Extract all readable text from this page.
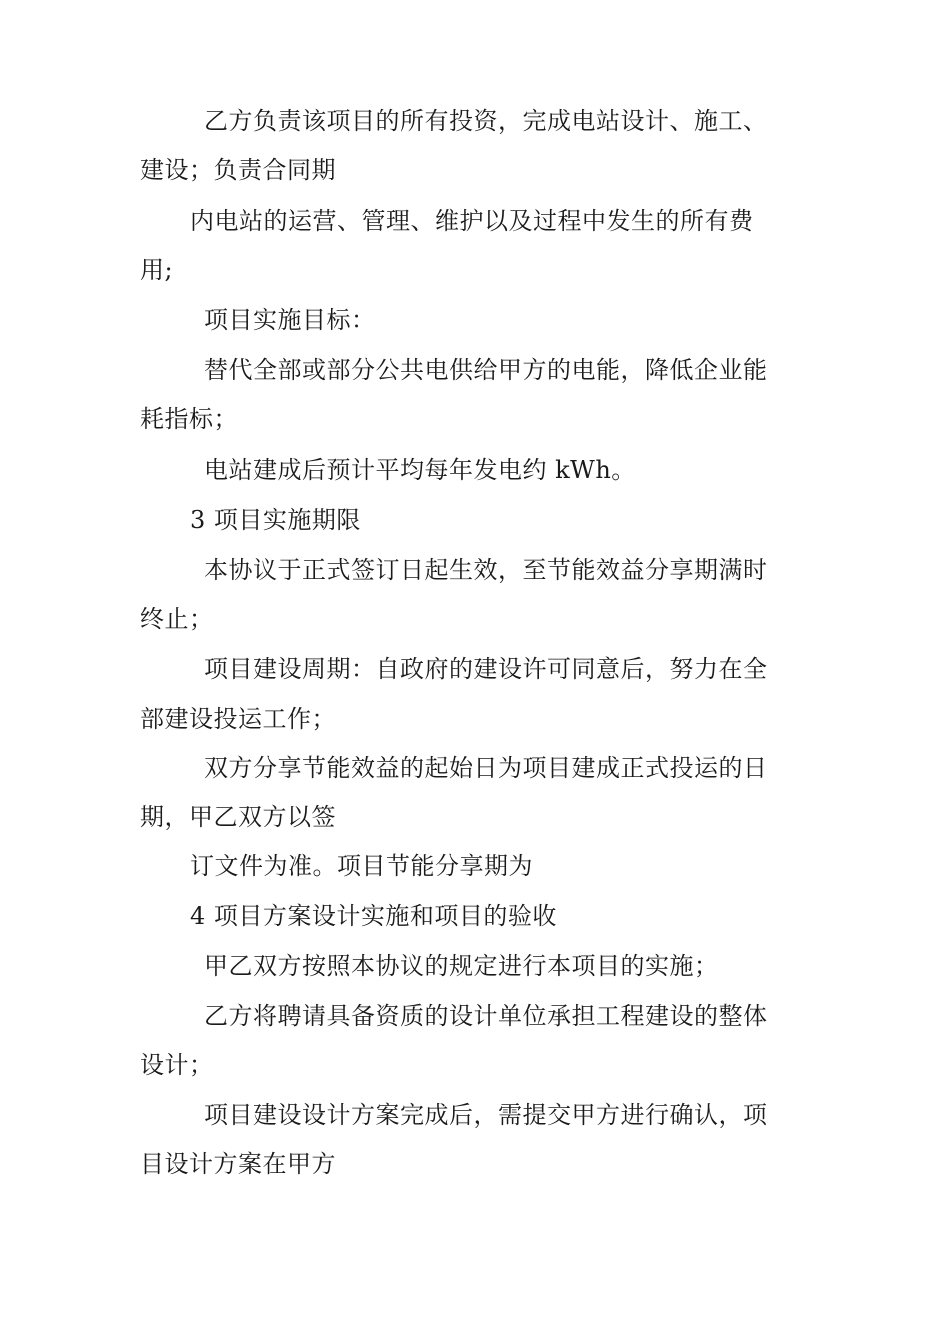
乙方负责该项目的所有投资，完成电站设计、施工、
建设；负责合同期
内电站的运营、管理、维护以及过程中发生的所有费
用;
项目实施目标：
替代全部或部分公共电供给甲方的电能，降低企业能
耗指标；
电站建成后预计平均每年发电约 kWh。
3 项目实施期限
本协议于正式签订日起生效，至节能效益分享期满时
终止；
项目建设周期：自政府的建设许可同意后，努力在全
部建设投运工作；
双方分享节能效益的起始日为项目建成正式投运的日
期，甲乙双方以签
订文件为准。项目节能分享期为
4 项目方案设计实施和项目的验收
甲乙双方按照本协议的规定进行本项目的实施；
乙方将聘请具备资质的设计单位承担工程建设的整体
设计；
项目建设设计方案完成后，需提交甲方进行确认，项
目设计方案在甲方
